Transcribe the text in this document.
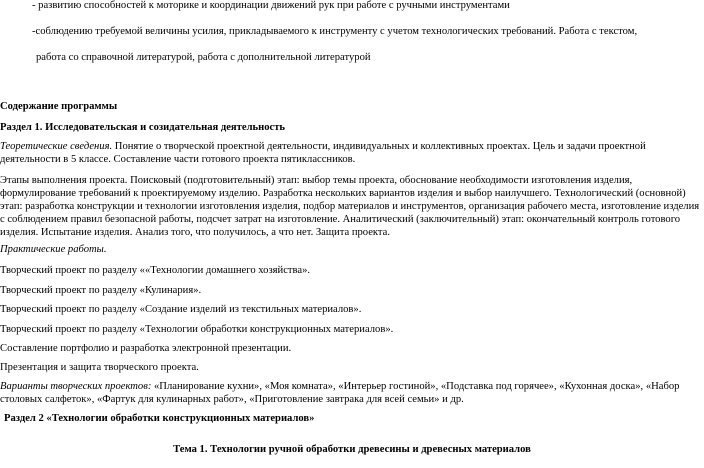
- развитию способностей к моторике и координации движений рук при работе с ручными инструментами

-соблюдению требуемой величины усилия, прикладываемого к инструменту с учетом технологических требований. Работа с текстом,

работа со справочной литературой, работа с дополнительной литературой

Содержание программы

Раздел 1. Исследовательская и созидательная деятельность

Теоретические сведения. Понятие о творческой проектной деятельности, индивидуальных и коллективных проектах. Цель и задачи проектной деятельности в 5 классе. Составление части готового проекта пятиклассников.

Этапы выполнения проекта. Поисковый (подготовительный) этап: выбор темы проекта, обоснование необходимости изготовления изделия, формулирование требований к проектируемому изделию. Разработка нескольких вариантов изделия и выбор наилучшего. Технологический (основной) этап: разработка конструкции и технологии изготовления изделия, подбор материалов и инструментов, организация рабочего места, изготовление изделия с соблюдением правил безопасной работы, подсчет затрат на изготовление. Аналитический (заключительный) этап: окончательный контроль готового изделия. Испытание изделия. Анализ того, что получилось, а что нет. Защита проекта.

Практические работы.

Творческий проект по разделу ««Технологии домашнего хозяйства».

Творческий проект по разделу «Кулинария».

Творческий проект по разделу «Создание изделий из текстильных материалов».

Творческий проект по разделу «Технологии обработки конструкционных материалов».

Составление портфолио и разработка электронной презентации.

Презентация и защита творческого проекта.

Варианты творческих проектов: «Планирование кухни», «Моя комната», «Интерьер гостиной», «Подставка под горячее», «Кухонная доска», «Набор столовых салфеток», «Фартук для кулинарных работ», «Приготовление завтрака для всей семьи» и др.

Раздел 2 «Технологии обработки конструкционных материалов»

Тема 1. Технологии ручной обработки древесины и древесных материалов
